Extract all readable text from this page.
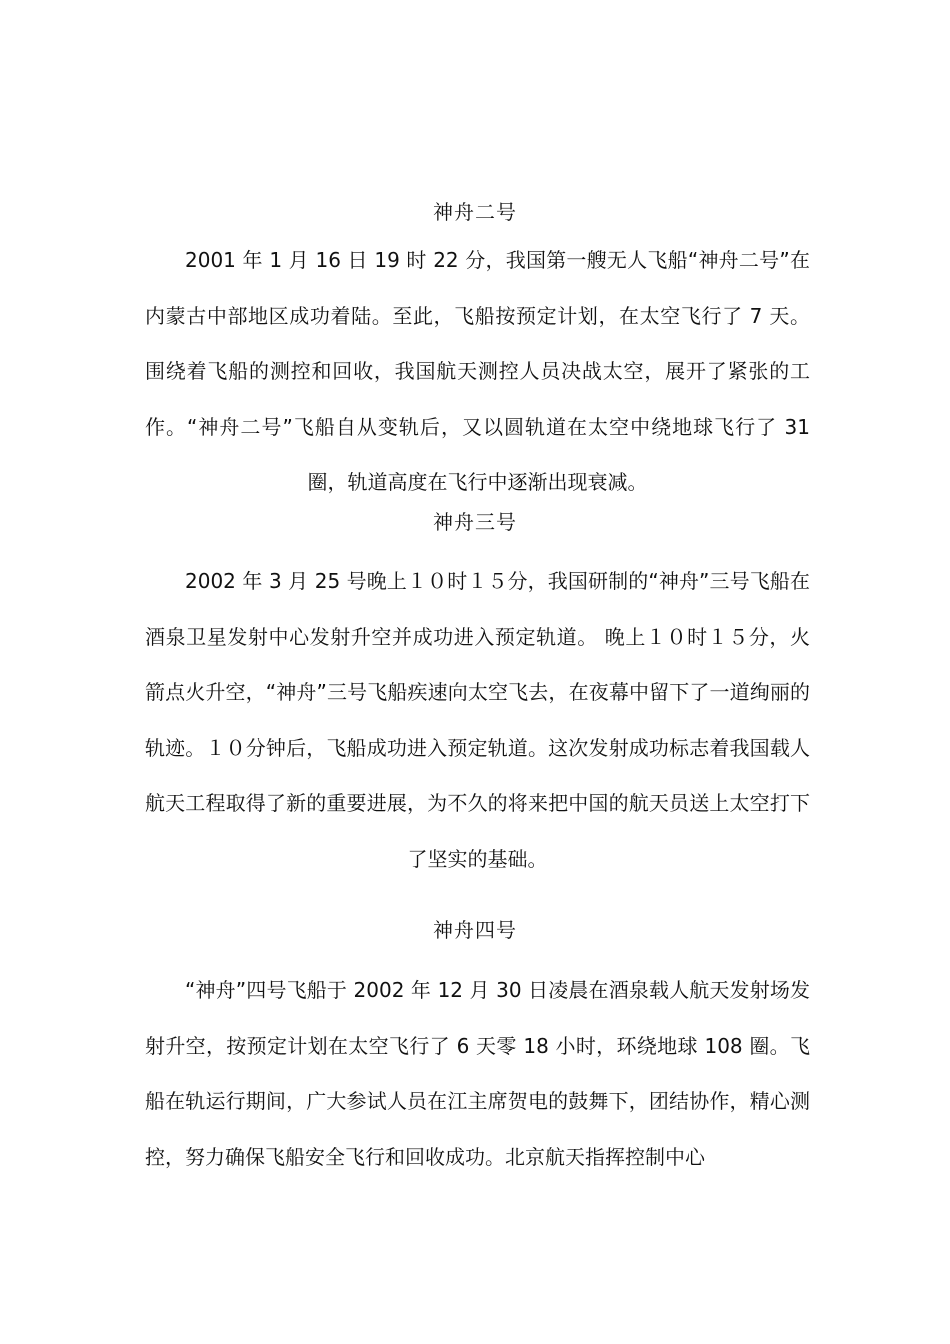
神舟二号
2001 年 1 月 16 日 19 时 22 分，我国第一艘无人飞船“神舟二号”在内蒙古中部地区成功着陆。至此，飞船按预定计划，在太空飞行了 7 天。围绕着飞船的测控和回收，我国航天测控人员决战太空，展开了紧张的工作。“神舟二号”飞船自从变轨后，又以圆轨道在太空中绕地球飞行了 31 圈，轨道高度在飞行中逐渐出现衰减。
神舟三号
2002 年 3 月 25 号晚上１０时１５分，我国研制的“神舟”三号飞船在酒泉卫星发射中心发射升空并成功进入预定轨道。 晚上１０时１５分，火箭点火升空，“神舟”三号飞船疾速向太空飞去，在夜幕中留下了一道绚丽的轨迹。１０分钟后，飞船成功进入预定轨道。这次发射成功标志着我国载人航天工程取得了新的重要进展，为不久的将来把中国的航天员送上太空打下了坚实的基础。
神舟四号
“神舟”四号飞船于 2002 年 12 月 30 日凌晨在酒泉载人航天发射场发射升空，按预定计划在太空飞行了 6 天零 18 小时，环绕地球 108 圈。飞船在轨运行期间，广大参试人员在江主席贺电的鼓舞下，团结协作，精心测控，努力确保飞船安全飞行和回收成功。北京航天指挥控制中心
